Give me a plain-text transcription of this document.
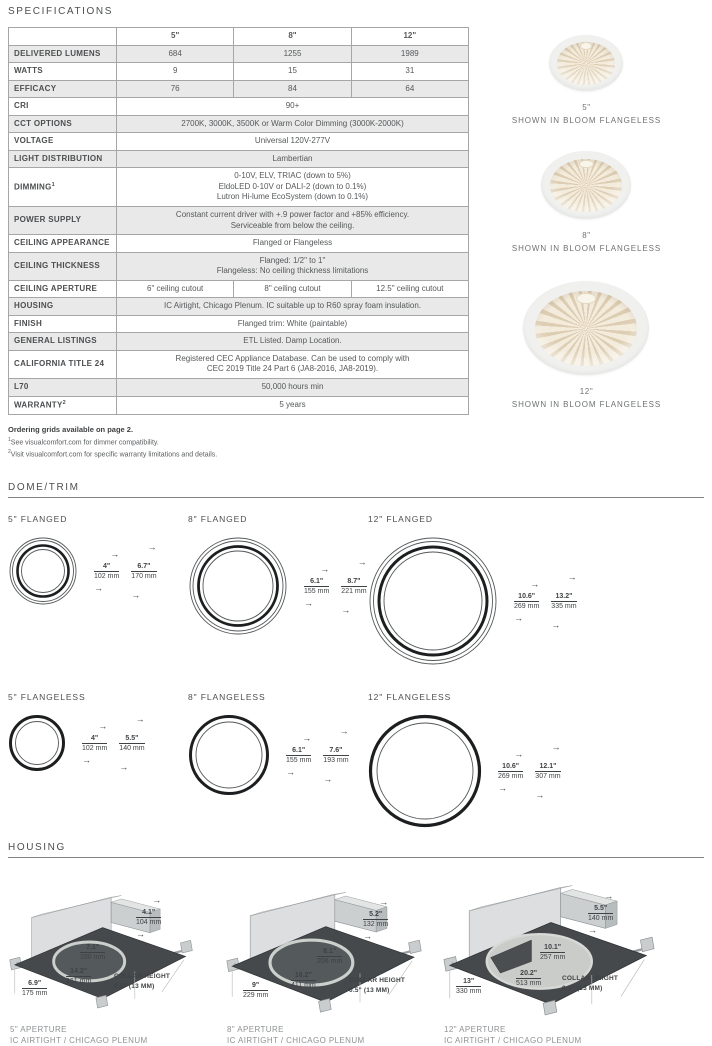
SPECIFICATIONS
	5"	8"	12"
DELIVERED LUMENS	684	1255	1989
WATTS	9	15	31
EFFICACY	76	84	64
CRI	90+		
CCT OPTIONS	2700K, 3000K, 3500K or Warm Color Dimming (3000K-2000K)		
VOLTAGE	Universal 120V-277V		
LIGHT DISTRIBUTION	Lambertian		
DIMMING$^1$	0-10V, ELV, TRIAC (down to 5%)
EldoLED 0-10V or DALI-2 (down to 0.1%)
Lutron Hi-lume EcoSystem (down to 0.1%)		

POWER SUPPLY	Constant current driver with +.9 power factor and +85% efficiency.
Serviceable from below the ceiling.		

CEILING APPEARANCE	Flanged or Flangeless		
CEILING THICKNESS	Flanged: 1/2" to 1"
Flangeless: No ceiling thickness limitations		

CEILING APERTURE	6" ceiling cutout	8" ceiling cutout	12.5" ceiling cutout
HOUSING	IC Airtight, Chicago Plenum. IC suitable up to R60 spray foam insulation.		
FINISH	Flanged trim: White (paintable)		
GENERAL LISTINGS	ETL Listed. Damp Location.		
CALIFORNIA TITLE 24	Registered CEC Appliance Database. Can be used to comply with
CEC 2019 Title 24 Part 6 (JA8-2016, JA8-2019).		

L70	50,000 hours min		
WARRANTY$^2$	5 years		
Ordering grids available on page 2.
$^1$See visualcomfort.com for dimmer compatibility.
$^2$Visit visualcomfort.com for specific warranty limitations and details.
5"
SHOWN IN BLOOM FLANGELESS
8"
SHOWN IN BLOOM FLANGELESS
12"
SHOWN IN BLOOM FLANGELESS
DOME/TRIM
5" FLANGED
→
4"
102 mm
→
→
6.7"
170 mm
→
8" FLANGED
→
6.1"
155 mm
→
→
8.7"
221 mm
→
12" FLANGED
→
10.6"
269 mm
→
→
13.2"
335 mm
→
5" FLANGELESS
→
4"
102 mm
→
→
5.5"
140 mm
→
8" FLANGELESS
→
6.1"
155 mm
→
→
7.6"
193 mm
→
12" FLANGELESS
→
10.6"
269 mm
→
→
12.1"
307 mm
→
HOUSING
→
4.1"
104 mm
→
7.1"
180 mm
14.2"
361 mm
6.9"
175 mm
COLLAR HEIGHT
0.5" (13 MM)
5" APERTURE
IC AIRTIGHT / CHICAGO PLENUM
→
5.2"
132 mm
→
8.1"
206 mm
16.2"
411 mm
9"
229 mm
COLLAR HEIGHT
0.5" (13 MM)
8" APERTURE
IC AIRTIGHT / CHICAGO PLENUM
→
5.5"
140 mm
→
10.1"
257 mm
20.2"
513 mm
13"
330 mm
COLLAR HEIGHT
0.5" (13 MM)
12" APERTURE
IC AIRTIGHT / CHICAGO PLENUM
